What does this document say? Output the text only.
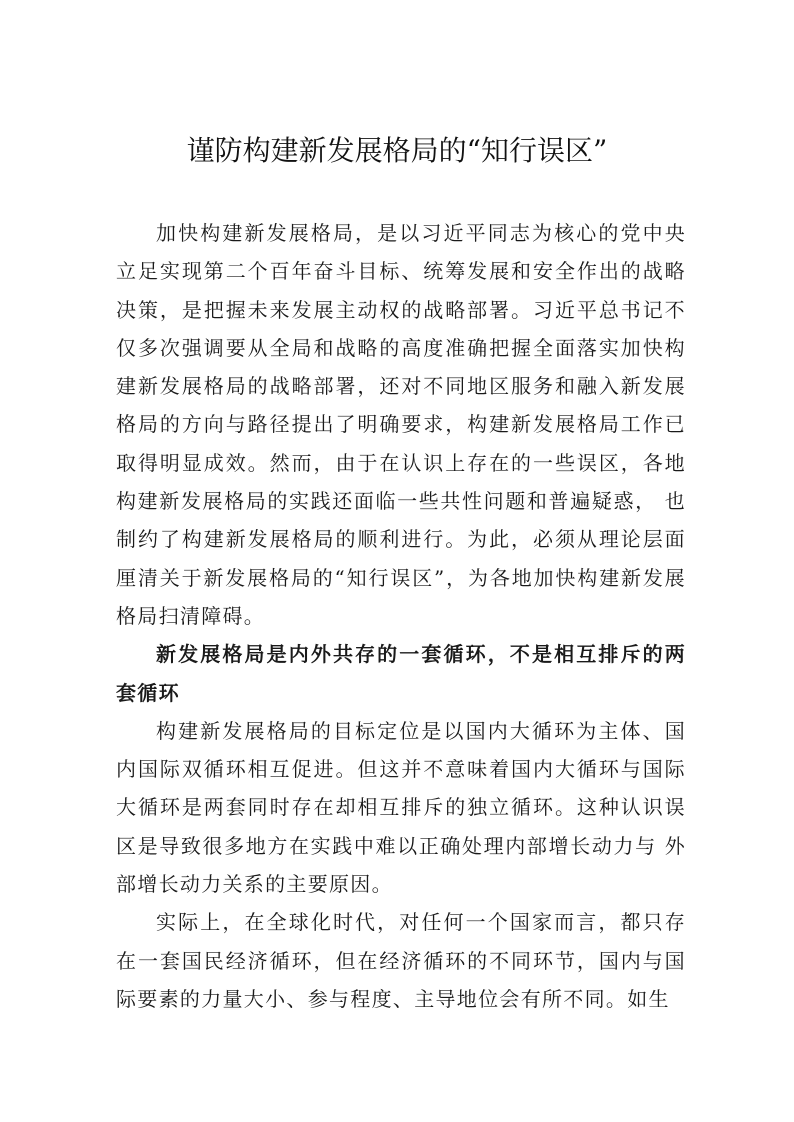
谨防构建新发展格局的“知行误区”

加快构建新发展格局，是以习近平同志为核心的党中央立足实现第二个百年奋斗目标、统筹发展和安全作出的战略决策，是把握未来发展主动权的战略部署。习近平总书记不仅多次强调要从全局和战略的高度准确把握全面落实加快构建新发展格局的战略部署，还对不同地区服务和融入新发展格局的方向与路径提出了明确要求，构建新发展格局工作已取得明显成效。然而，由于在认识上存在的一些误区，各地构建新发展格局的实践还面临一些共性问题和普遍疑惑， 也制约了构建新发展格局的顺利进行。为此，必须从理论层面厘清关于新发展格局的“知行误区”，为各地加快构建新发展格局扫清障碍。

新发展格局是内外共存的一套循环，不是相互排斥的两套循环

构建新发展格局的目标定位是以国内大循环为主体、国内国际双循环相互促进。但这并不意味着国内大循环与国际大循环是两套同时存在却相互排斥的独立循环。这种认识误区是导致很多地方在实践中难以正确处理内部增长动力与 外部增长动力关系的主要原因。

实际上，在全球化时代，对任何一个国家而言，都只存在一套国民经济循环，但在经济循环的不同环节，国内与国际要素的力量大小、参与程度、主导地位会有所不同。如生
